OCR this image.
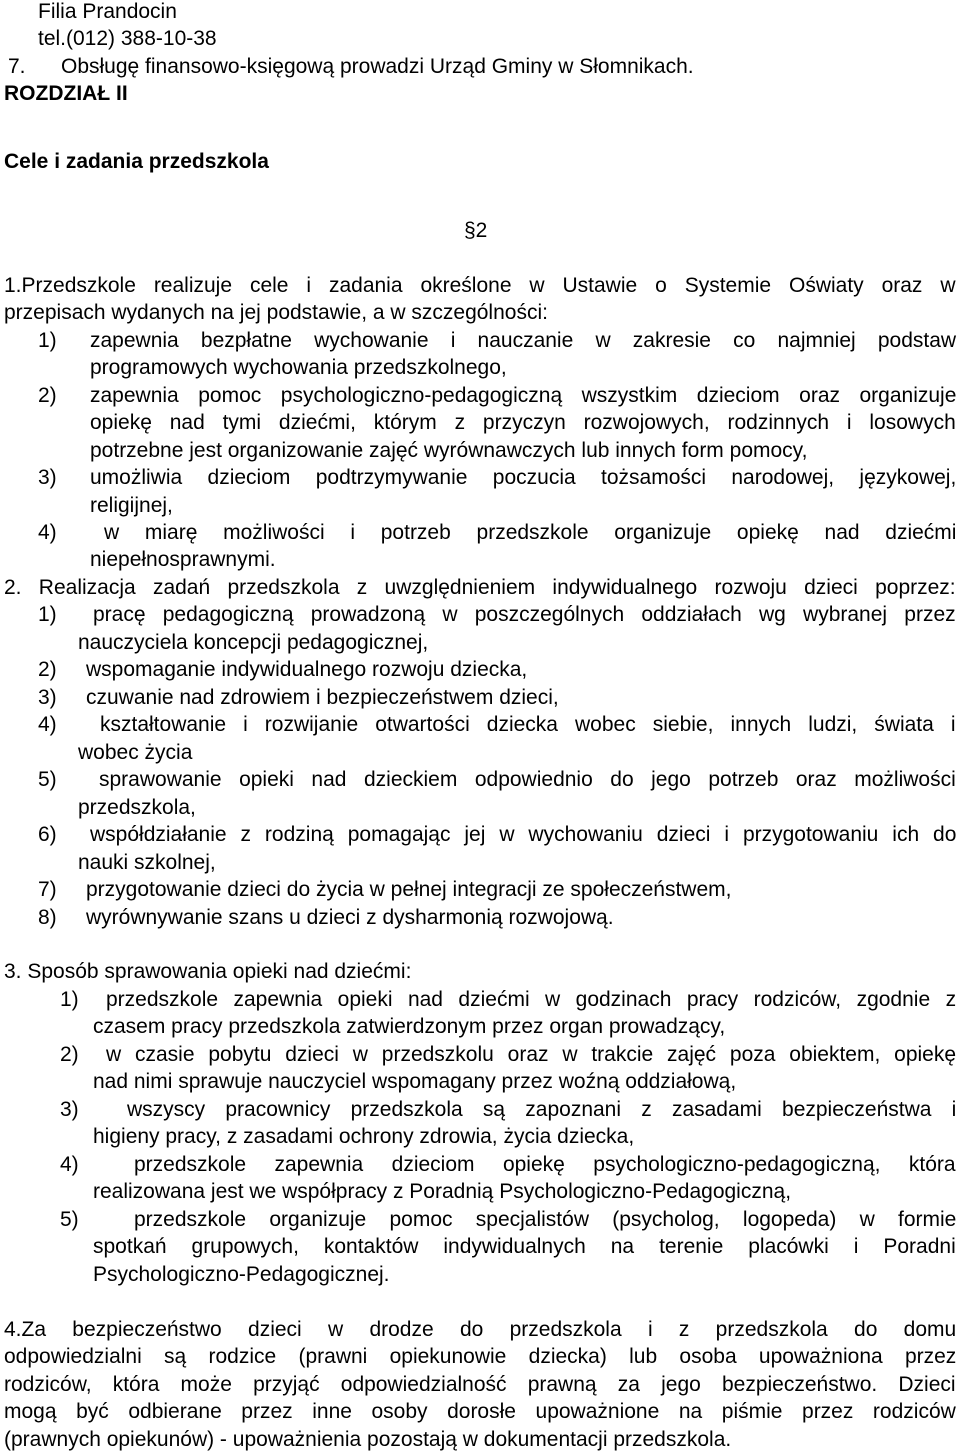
Filia Prandocin
tel.(012) 388-10-38
7. Obsługę finansowo-księgową prowadzi Urząd Gminy w Słomnikach.
ROZDZIAŁ II
Cele i zadania przedszkola
§2
1.Przedszkole realizuje cele i zadania określone w Ustawie o Systemie Oświaty oraz w
przepisach wydanych na jej podstawie, a w szczególności:
1) zapewnia bezpłatne wychowanie i nauczanie w zakresie co najmniej podstaw
programowych wychowania przedszkolnego,
2) zapewnia pomoc psychologiczno-pedagogiczną wszystkim dzieciom oraz organizuje
opiekę nad tymi dziećmi, którym z przyczyn rozwojowych, rodzinnych i losowych
potrzebne jest organizowanie zajęć wyrównawczych lub innych form pomocy,
3) umożliwia dzieciom podtrzymywanie poczucia tożsamości narodowej, językowej,
religijnej,
4) w miarę możliwości i potrzeb przedszkole organizuje opiekę nad dziećmi
niepełnosprawnymi.
2. Realizacja zadań przedszkola z uwzględnieniem indywidualnego rozwoju dzieci poprzez:
1) pracę pedagogiczną prowadzoną w poszczególnych oddziałach wg wybranej przez
nauczyciela koncepcji pedagogicznej,
2) wspomaganie indywidualnego rozwoju dziecka,
3) czuwanie nad zdrowiem i bezpieczeństwem dzieci,
4) kształtowanie i rozwijanie otwartości dziecka wobec siebie, innych ludzi, świata i
wobec życia
5) sprawowanie opieki nad dzieckiem odpowiednio do jego potrzeb oraz możliwości
przedszkola,
6) współdziałanie z rodziną pomagając jej w wychowaniu dzieci i przygotowaniu ich do
nauki szkolnej,
7) przygotowanie dzieci do życia w pełnej integracji ze społeczeństwem,
8) wyrównywanie szans u dzieci z dysharmonią rozwojową.
3. Sposób sprawowania opieki nad dziećmi:
1) przedszkole zapewnia opieki nad dziećmi w godzinach pracy rodziców, zgodnie z
czasem pracy przedszkola zatwierdzonym przez organ prowadzący,
2) w czasie pobytu dzieci w przedszkolu oraz w trakcie zajęć poza obiektem, opiekę
nad nimi sprawuje nauczyciel wspomagany przez woźną oddziałową,
3) wszyscy pracownicy przedszkola są zapoznani z zasadami bezpieczeństwa i
higieny pracy, z zasadami ochrony zdrowia, życia dziecka,
4)	przedszkole zapewnia dzieciom opiekę psychologiczno-pedagogiczną, która
realizowana jest we współpracy z Poradnią Psychologiczno-Pedagogiczną,
5)	przedszkole organizuje pomoc specjalistów (psycholog, logopeda) w formie
spotkań grupowych, kontaktów indywidualnych na terenie placówki i Poradni
Psychologiczno-Pedagogicznej.
4.Za bezpieczeństwo dzieci w drodze do przedszkola i z przedszkola do domu
odpowiedzialni są rodzice (prawni opiekunowie dziecka) lub osoba upoważniona przez
rodziców, która może przyjąć odpowiedzialność prawną za jego bezpieczeństwo. Dzieci
mogą być odbierane przez inne osoby dorosłe upoważnione na piśmie przez rodziców
(prawnych opiekunów) - upoważnienia pozostają w dokumentacji przedszkola.
